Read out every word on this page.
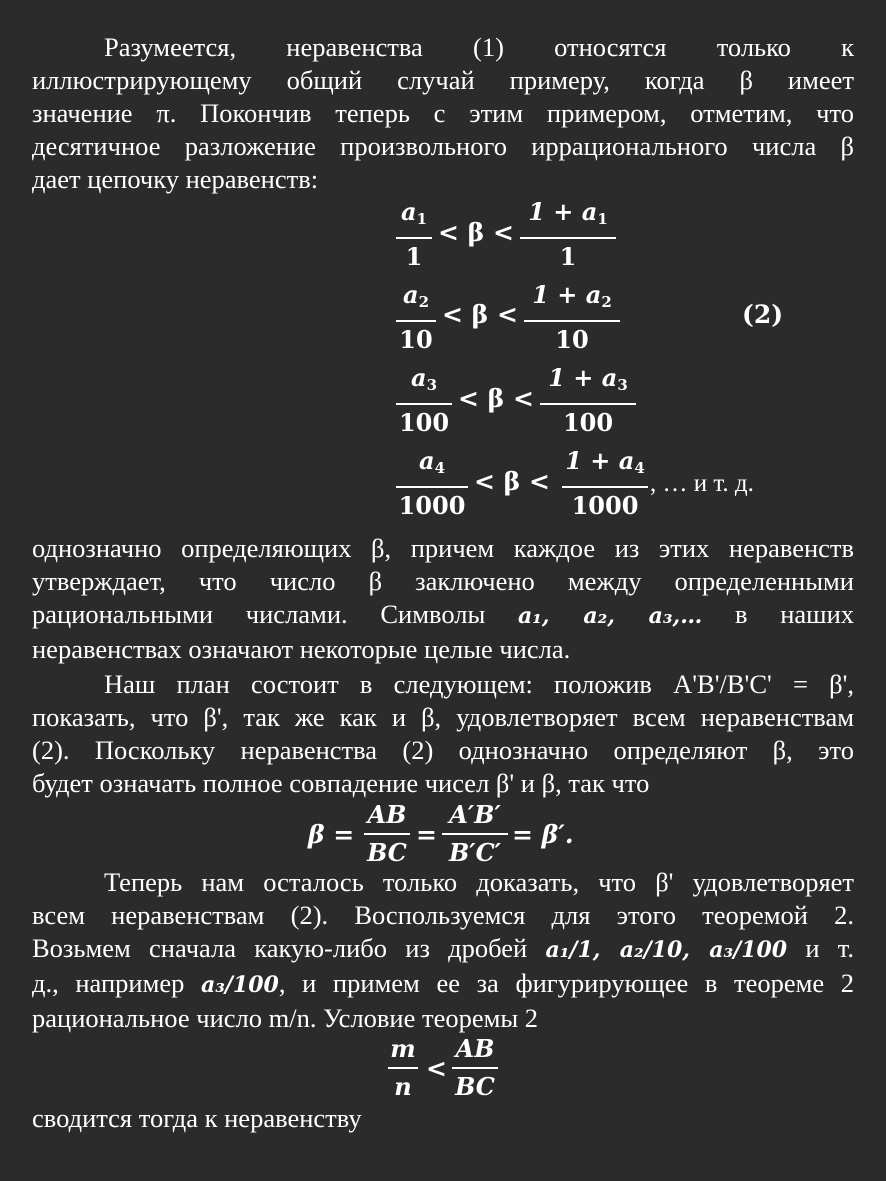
Разумеется, неравенства (1) относятся только к
иллюстрирующему общий случай примеру, когда β имеет
значение π. Покончив теперь с этим примером, отметим, что
десятичное разложение произвольного иррационального числа β
дает цепочку неравенств:
$a_1$
1
< β <
$1 + a_1$
1
$a_2$
10
< β <
$1 + a_2$
10
(2)
$a_3$
100
< β <
$1 + a_3$
100
$a_4$
1000
< β <
$1 + a_4$
1000
, … и т. д.
однозначно определяющих β, причем каждое из этих неравенств
утверждает, что число β заключено между определенными
рациональными числами. Символы a₁, a₂, a₃,… в наших
неравенствах означают некоторые целые числа.
Наш план состоит в следующем: положив A'B'/B'C' = β',
показать, что β', так же как и β, удовлетворяет всем неравенствам
(2). Поскольку неравенства (2) однозначно определяют β, это
будет означать полное совпадение чисел β' и β, так что
β =
AB
BC
=
A′B′
B′C′
= β′.
Теперь нам осталось только доказать, что β' удовлетворяет
всем неравенствам (2). Воспользуемся для этого теоремой 2.
Возьмем сначала какую-либо из дробей a₁/1, a₂/10, a₃/100 и т.
д., например a₃/100, и примем ее за фигурирующее в теореме 2
рациональное число m/n. Условие теоремы 2
m
n
<
AB
BC
сводится тогда к неравенству
